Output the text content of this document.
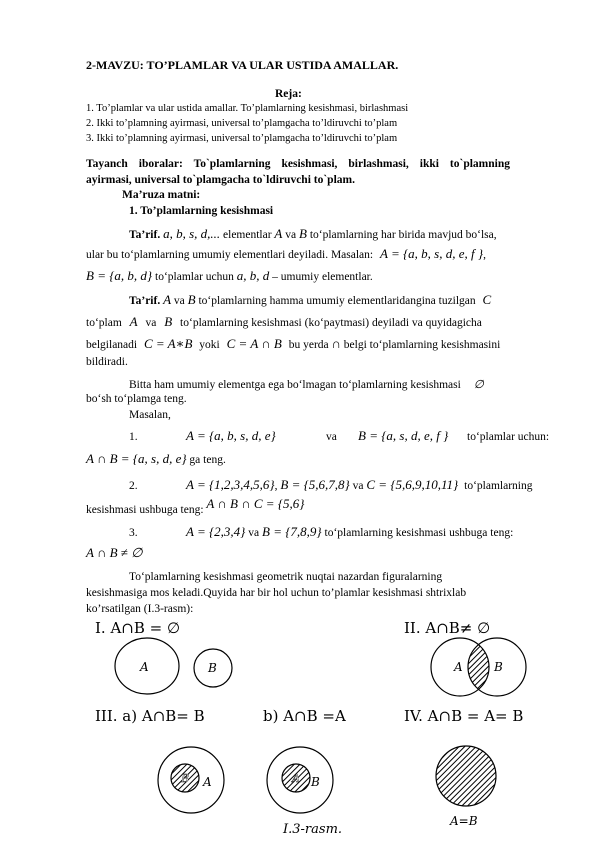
2-MAVZU: TO’PLAMLAR VA ULAR USTIDA AMALLAR.
Reja:
1. To’plamlar va ular ustida amallar. To’plamlarning kesishmasi, birlashmasi
2. Ikki to’plamning ayirmasi, universal to’plamgacha to’ldiruvchi to’plam
3. Ikki to’plamning ayirmasi, universal to’plamgacha to’ldiruvchi to’plam
Tayanch iboralar: To`plamlarning kesishmasi, birlashmasi, ikki to`plamning
ayirmasi, universal to`plamgacha to`ldiruvchi to`plam.
Ma’ruza matni:
1. To’plamlarning kesishmasi
Ta’rif. a, b, s, d,... elementlar A va B to‘plamlarning har birida mavjud bo‘lsa,
ular bu to‘plamlarning umumiy elementlari deyiladi. Masalan: A = {a, b, s, d, e, f },
B = {a, b, d} to‘plamlar uchun a, b, d – umumiy elementlar.
Ta’rif. A va B to‘plamlarning hamma umumiy elementlaridangina tuzilgan C
to‘plam A va B to‘plamlarning kesishmasi (ko‘paytmasi) deyiladi va quyidagicha
belgilanadi C = A∗B yoki C = A ∩ B bu yerda ∩ belgi to‘plamlarning kesishmasini
bildiradi.
Bitta ham umumiy elementga ega bo‘lmagan to‘plamlarning kesishmasi ∅
bo‘sh to‘plamga teng.
Masalan,
1.	A = {a, b, s, d, e}	va B = {a, s, d, e, f } to‘plamlar uchun:
A ∩ B = {a, s, d, e} ga teng.
2.	A = {1,2,3,4,5,6}, B = {5,6,7,8} va C = {5,6,9,10,11} to‘plamlarning
kesishmasi ushbuga teng: A ∩ B ∩ C = {5,6}
3.	A = {2,3,4} va B = {7,8,9} to‘plamlarning kesishmasi ushbuga teng:
A ∩ B ≠ ∅
To‘plamlarning kesishmasi geometrik nuqtai nazardan figuralarning
kesishmasiga mos keladi.Quyida har bir hol uchun to’plamlar kesishmasi shtrixlab
ko’rsatilgan (I.3-rasm):
I. A∩B = ∅	II. A∩B≠ ∅
III. a) A∩B= B	b) A∩B =A	IV. A∩B = A= B
A	B	A	B
B A	A B
A=B
I.3-rasm.
